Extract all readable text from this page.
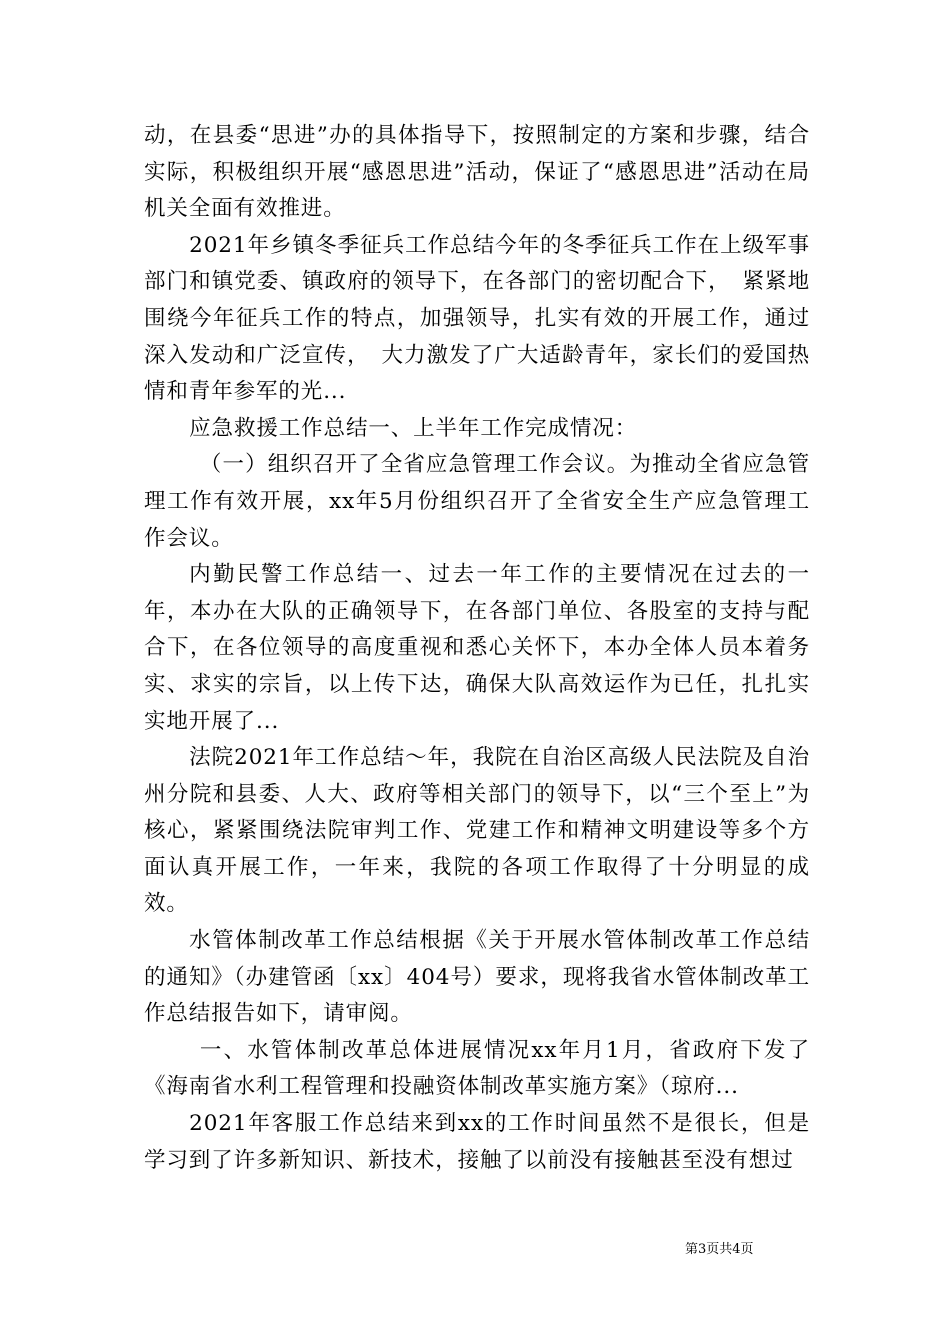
动，在县委“思进”办的具体指导下，按照制定的方案和步骤，结合实际，积极组织开展“感恩思进”活动，保证了“感恩思进”活动在局机关全面有效推进。

2021年乡镇冬季征兵工作总结今年的冬季征兵工作在上级军事部门和镇党委、镇政府的领导下，在各部门的密切配合下，　紧紧地围绕今年征兵工作的特点，加强领导，扎实有效的开展工作，通过深入发动和广泛宣传，　大力激发了广大适龄青年，家长们的爱国热情和青年参军的光...

应急救援工作总结一、上半年工作完成情况：

（一）组织召开了全省应急管理工作会议。为推动全省应急管理工作有效开展，xx年5月份组织召开了全省安全生产应急管理工作会议。

内勤民警工作总结一、过去一年工作的主要情况在过去的一年，本办在大队的正确领导下，在各部门单位、各股室的支持与配合下，在各位领导的高度重视和悉心关怀下，本办全体人员本着务实、求实的宗旨，以上传下达，确保大队高效运作为已任，扎扎实实地开展了...

法院2021年工作总结～年，我院在自治区高级人民法院及自治州分院和县委、人大、政府等相关部门的领导下，以“三个至上”为核心，紧紧围绕法院审判工作、党建工作和精神文明建设等多个方面认真开展工作，一年来，我院的各项工作取得了十分明显的成效。

水管体制改革工作总结根据《关于开展水管体制改革工作总结的通知》（办建管函〔xx〕404号）要求，现将我省水管体制改革工作总结报告如下，请审阅。

一、水管体制改革总体进展情况xx年月1月，省政府下发了《海南省水利工程管理和投融资体制改革实施方案》（琼府...

2021年客服工作总结来到xx的工作时间虽然不是很长，但是学习到了许多新知识、新技术，接触了以前没有接触甚至没有想过

第3页共4页
